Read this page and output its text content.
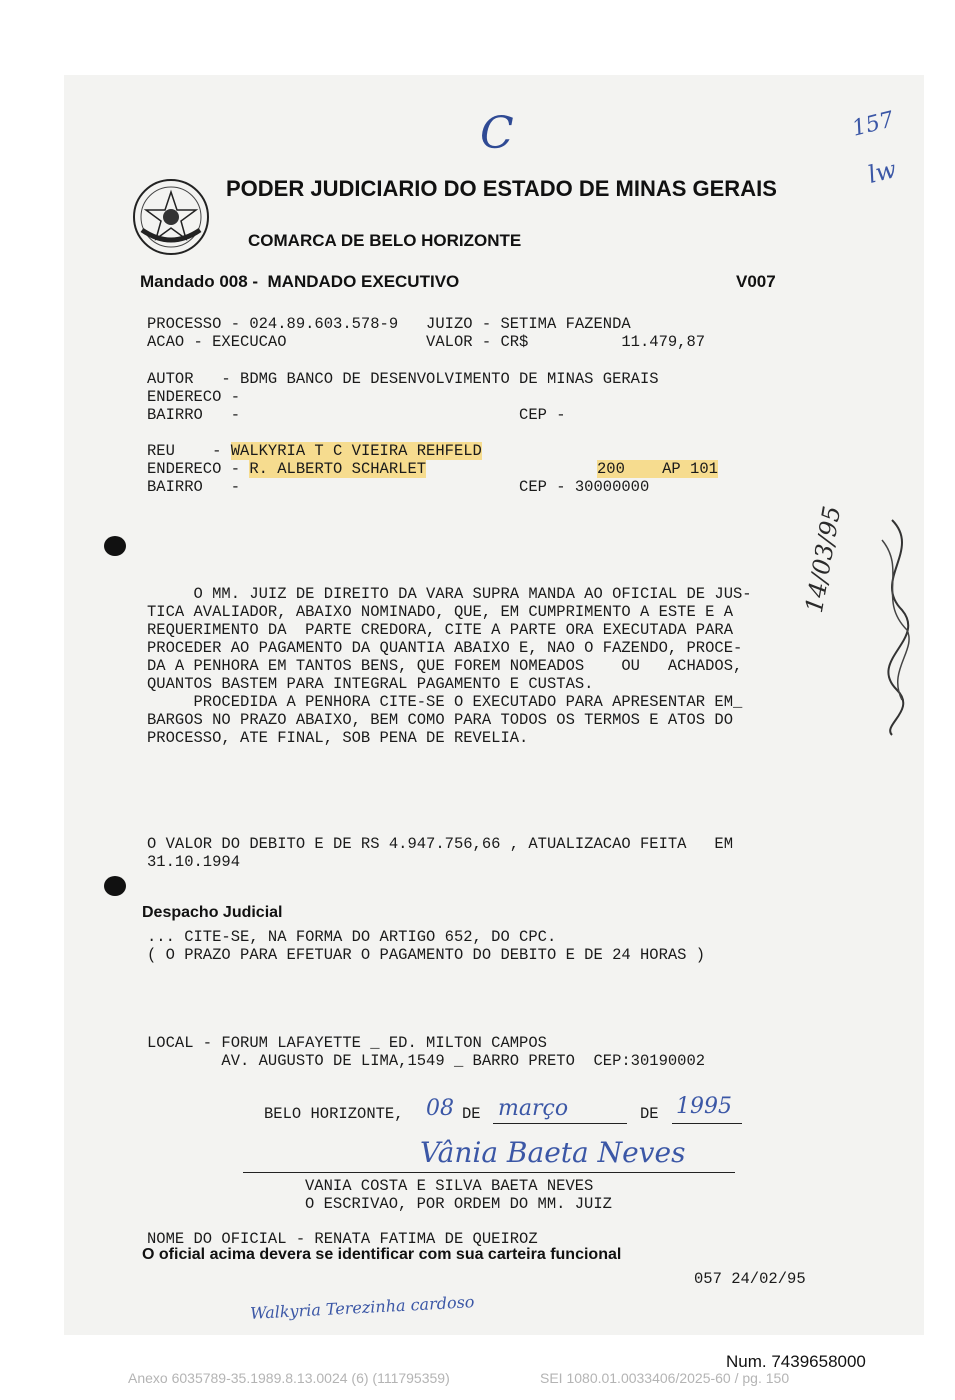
PODER JUDICIARIO DO ESTADO DE MINAS GERAIS
COMARCA DE BELO HORIZONTE
Mandado 008 -  MANDADO EXECUTIVO	V007
C	157
lw
PROCESSO - 024.89.603.578-9   JUIZO - SETIMA FAZENDA
ACAO - EXECUCAO               VALOR - CR$          11.479,87
AUTOR   - BDMG BANCO DE DESENVOLVIMENTO DE MINAS GERAIS
ENDERECO -
BAIRRO   -                              CEP -
REU    - WALKYRIA T C VIEIRA REHFELD
ENDERECO - R. ALBERTO SCHARLET	200    AP 101
BAIRRO   -                              CEP - 30000000
O MM. JUIZ DE DIREITO DA VARA SUPRA MANDA AO OFICIAL DE JUS-
TICA AVALIADOR, ABAIXO NOMINADO, QUE, EM CUMPRIMENTO A ESTE E A
REQUERIMENTO DA  PARTE CREDORA, CITE A PARTE ORA EXECUTADA PARA
PROCEDER AO PAGAMENTO DA QUANTIA ABAIXO E, NAO O FAZENDO, PROCE-
DA A PENHORA EM TANTOS BENS, QUE FOREM NOMEADOS    OU   ACHADOS,
QUANTOS BASTEM PARA INTEGRAL PAGAMENTO E CUSTAS.
PROCEDIDA A PENHORA CITE-SE O EXECUTADO PARA APRESENTAR EM_
BARGOS NO PRAZO ABAIXO, BEM COMO PARA TODOS OS TERMOS E ATOS DO
PROCESSO, ATE FINAL, SOB PENA DE REVELIA.
14/03/95
O VALOR DO DEBITO E DE RS 4.947.756,66 , ATUALIZACAO FEITA   EM
31.10.1994
Despacho Judicial
... CITE-SE, NA FORMA DO ARTIGO 652, DO CPC.
( O PRAZO PARA EFETUAR O PAGAMENTO DO DEBITO E DE 24 HORAS )
LOCAL - FORUM LAFAYETTE _ ED. MILTON CAMPOS
AV. AUGUSTO DE LIMA,1549 _ BARRO PRETO  CEP:30190002
BELO HORIZONTE, 08 DE março	DE 1995
Vânia Baeta Neves
VANIA COSTA E SILVA BAETA NEVES
O ESCRIVAO, POR ORDEM DO MM. JUIZ
NOME DO OFICIAL - RENATA FATIMA DE QUEIROZ
O oficial acima devera se identificar com sua carteira funcional
057 24/02/95
Walkyria Terezinha cardoso
Num. 7439658000
Anexo 6035789-35.1989.8.13.0024 (6) (111795359)	SEI 1080.01.0033406/2025-60 / pg. 150
